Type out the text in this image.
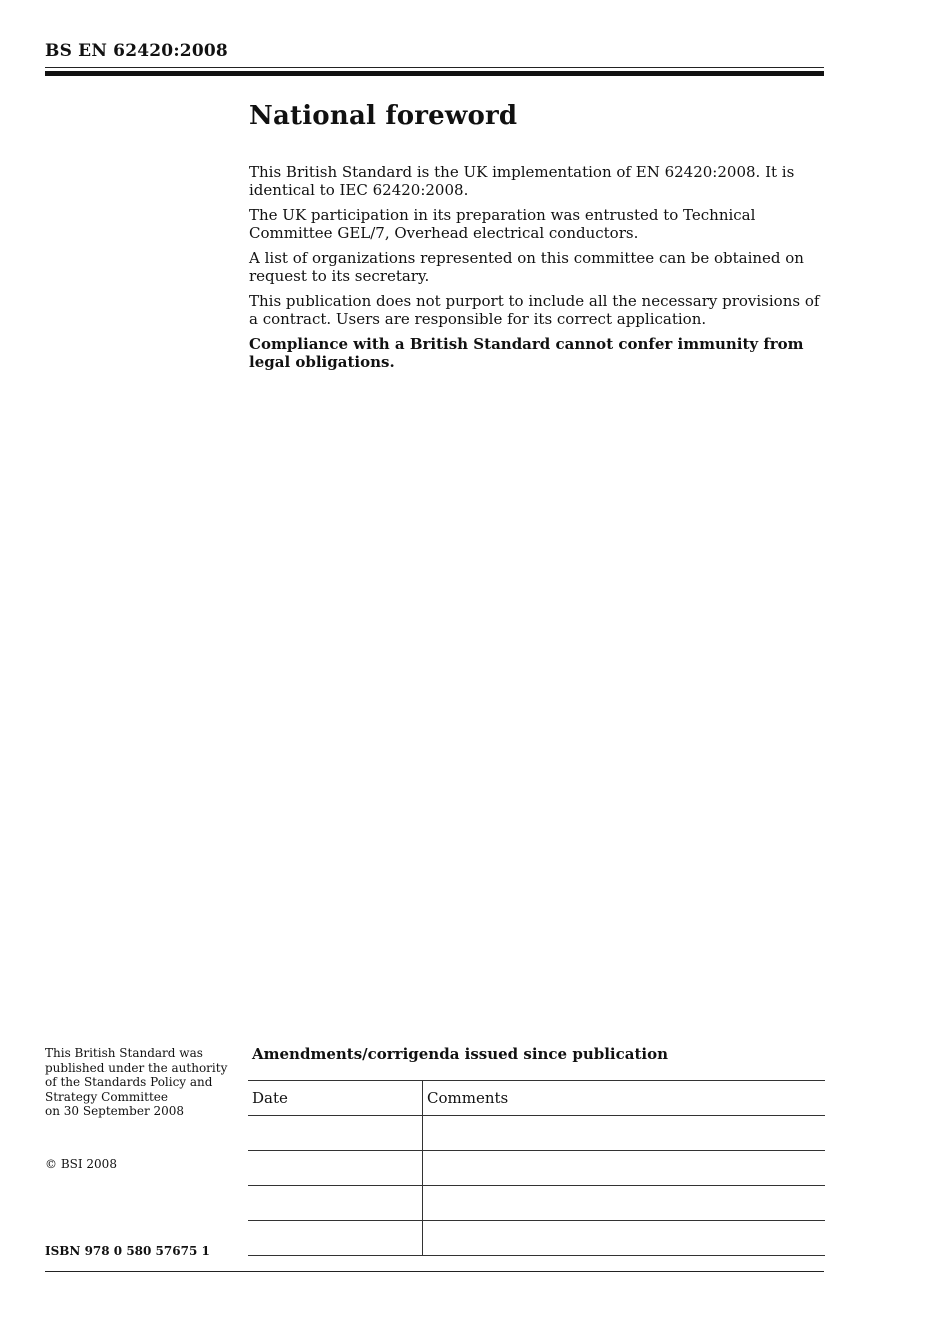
BS EN 62420:2008
National foreword

This British Standard is the UK implementation of EN 62420:2008. It is identical to IEC 62420:2008.

The UK participation in its preparation was entrusted to Technical Committee GEL/7, Overhead electrical conductors.

A list of organizations represented on this committee can be obtained on request to its secretary.

This publication does not purport to include all the necessary provisions of a contract. Users are responsible for its correct application.

Compliance with a British Standard cannot confer immunity from legal obligations.

This British Standard was
published under the authority
of the Standards Policy and
Strategy Committee
on 30 September 2008
© BSI 2008
ISBN 978 0 580 57675 1
Amendments/corrigenda issued since publication
Date	Comments
